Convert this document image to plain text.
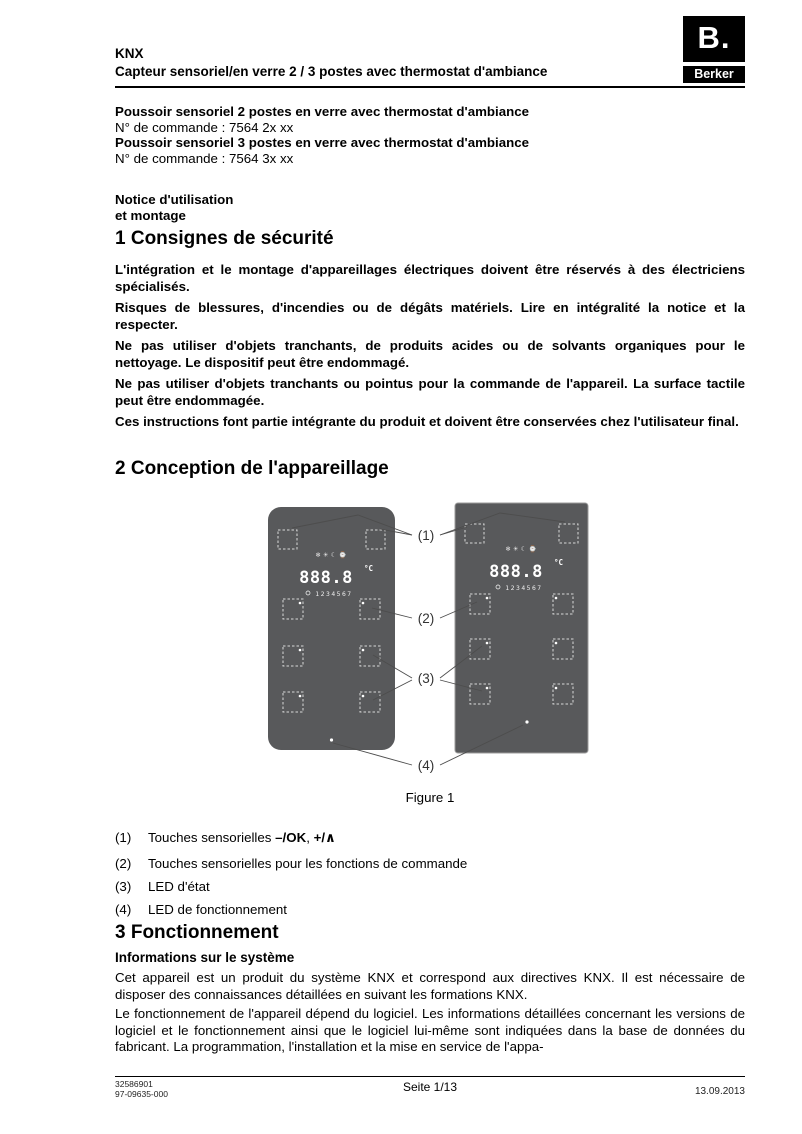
KNX
Capteur sensoriel/en verre 2 / 3 postes avec thermostat d'ambiance
B.
Berker
Poussoir sensoriel 2 postes en verre avec thermostat d'ambiance
N° de commande : 7564 2x xx
Poussoir sensoriel 3 postes en verre avec thermostat d'ambiance
N° de commande : 7564 3x xx
Notice d'utilisation
et montage
1 Consignes de sécurité

L'intégration et le montage d'appareillages électriques doivent être réservés à des électriciens spécialisés.

Risques de blessures, d'incendies ou de dégâts matériels. Lire en intégralité la notice et la respecter.

Ne pas utiliser d'objets tranchants, de produits acides ou de solvants organiques pour le nettoyage. Le dispositif peut être endommagé.

Ne pas utiliser d'objets tranchants ou pointus pour la commande de l'appareil. La surface tactile peut être endommagée.

Ces instructions font partie intégrante du produit et doivent être conservées chez l'utilisateur final.

2 Conception de l'appareillage
❄ ☀ ☾ ⌚
888.8 °C
1234567
❄ ☀ ☾ ⌚
888.8 °C
1234567
(1)
(2)
(3)
(4)
Figure 1
(1)	Touches sensorielles –/OK, +/∧
(2)	Touches sensorielles pour les fonctions de commande
(3)	LED d'état
(4)	LED de fonctionnement
3 Fonctionnement
Informations sur le système

Cet appareil est un produit du système KNX et correspond aux directives KNX. Il est nécessaire de disposer des connaissances détaillées en suivant les formations KNX.

Le fonctionnement de l'appareil dépend du logiciel. Les informations détaillées concernant les versions de logiciel et le fonctionnement ainsi que le logiciel lui-même sont indiquées dans la base de données du fabricant. La programmation, l'installation et la mise en service de l'appa-

32586901
97-09635-000	Seite 1/13	13.09.2013
